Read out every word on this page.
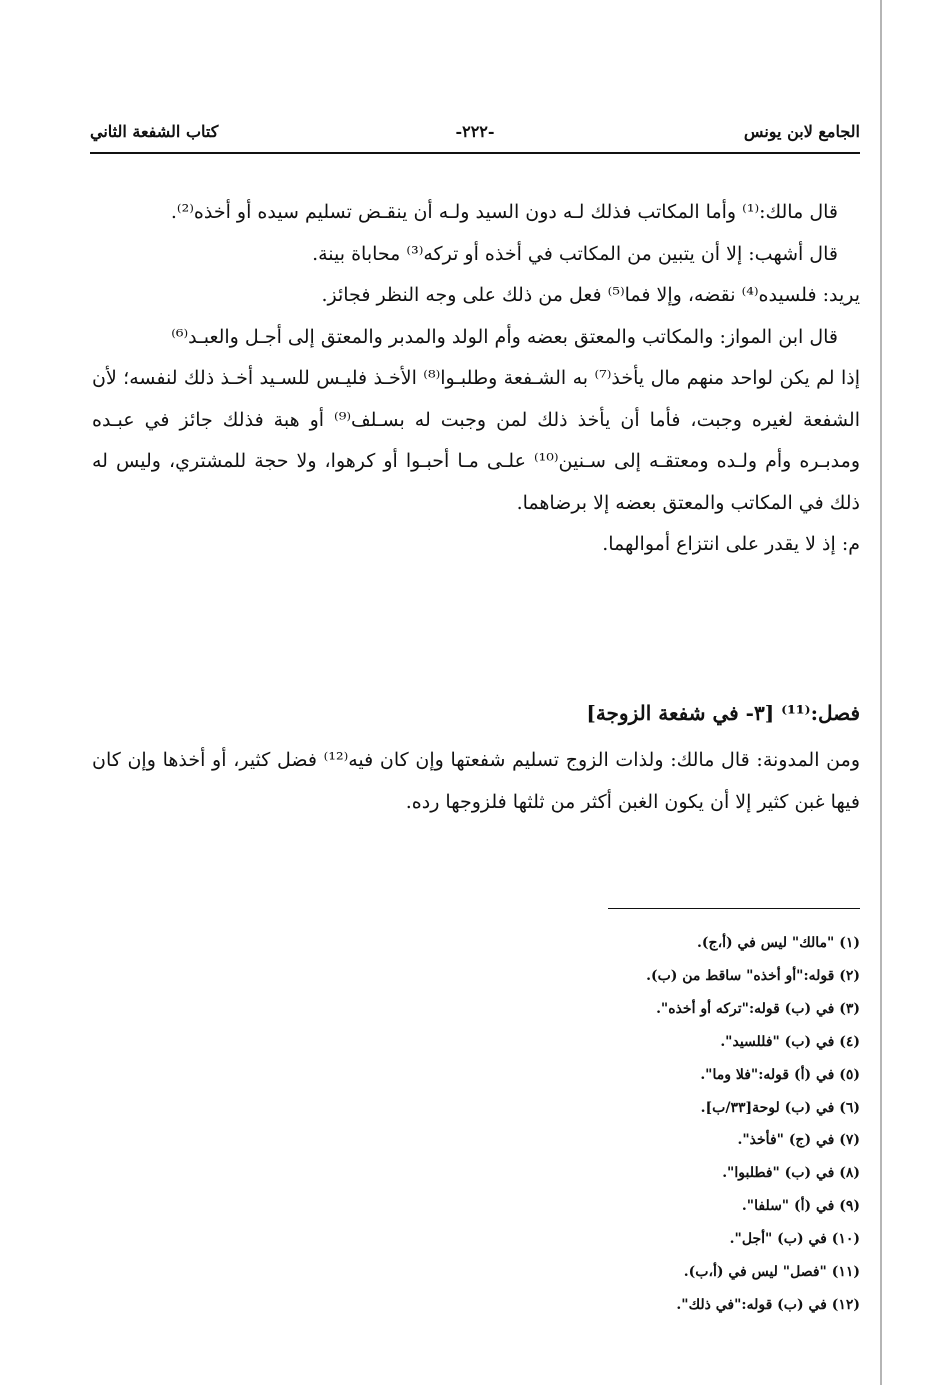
الجامع لابن يونس
-٢٢٢-
كتاب الشفعة الثاني

قال مالك:⁽¹⁾ وأما المكاتب فذلك لـه دون السيد ولـه أن ينقـض تسليم سيده أو أخذه⁽²⁾.

قال أشهب: إلا أن يتبين من المكاتب في أخذه أو تركه⁽³⁾ محاباة بينة.

يريد: فلسيده⁽⁴⁾ نقضه، وإلا فما⁽⁵⁾ فعل من ذلك على وجه النظر فجائز.

قال ابن المواز: والمكاتب والمعتق بعضه وأم الولد والمدبر والمعتق إلى أجـل والعبـد⁽⁶⁾

إذا لم يكن لواحد منهم مال يأخذ⁽⁷⁾ به الشـفعة وطلبـوا⁽⁸⁾ الأخـذ فليـس للسـيد أخـذ ذلك لنفسه؛ لأن الشفعة لغيره وجبت، فأما أن يأخذ ذلك لمن وجبت له بسـلف⁽⁹⁾ أو هبة فذلك جائز في عبـده ومدبـره وأم ولـده ومعتقـه إلى سـنين⁽¹⁰⁾ علـى مـا أحبـوا أو كرهوا، ولا حجة للمشتري، وليس له ذلك في المكاتب والمعتق بعضه إلا برضاهما.

م: إذ لا يقدر على انتزاع أموالهما.

فصل:⁽¹¹⁾ [٣- في شفعة الزوجة]

ومن المدونة: قال مالك: ولذات الزوج تسليم شفعتها وإن كان فيه⁽¹²⁾ فضل كثير، أو أخذها وإن كان فيها غبن كثير إلا أن يكون الغبن أكثر من ثلثها فلزوجها رده.

(١) "مالك" ليس في (أ،ج).
(٢) قوله:"أو أخذه" ساقط من (ب).
(٣) في (ب) قوله:"تركه أو أخذه".
(٤) في (ب) "فللسيد".
(٥) في (أ) قوله:"فلا وما".
(٦) في (ب) لوحة[٣٣/ب].
(٧) في (ج) "فأخذ".
(٨) في (ب) "فطلبوا".
(٩) في (أ) "سلفا".
(١٠) في (ب) "أجل".
(١١) "فصل" ليس في (أ،ب).
(١٢) في (ب) قوله:"في ذلك".
